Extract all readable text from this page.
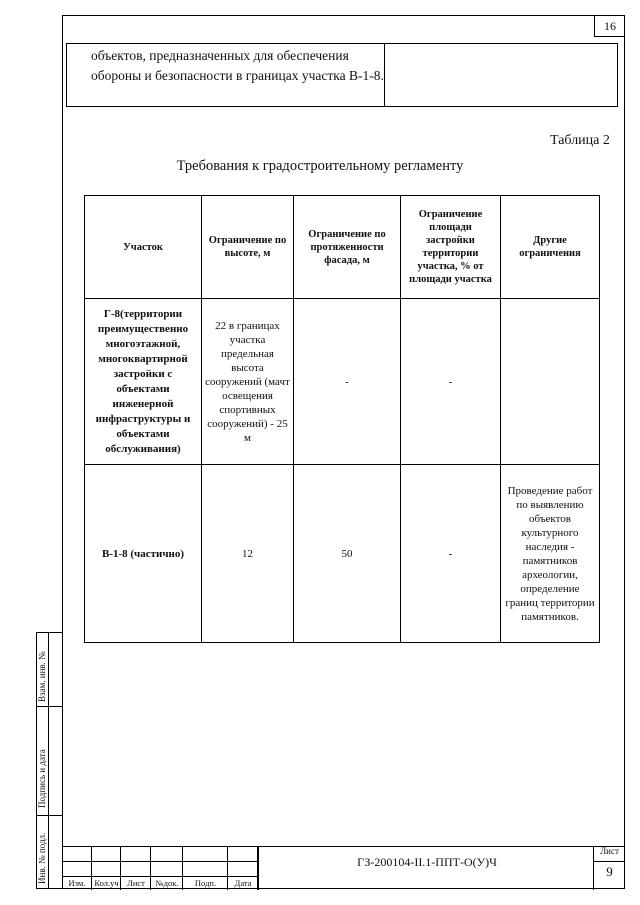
16
объектов, предназначенных для обеспечения обороны и безопасности в границах участка В-1-8.
Таблица 2
Требования к градостроительному регламенту
Участок	Ограничение по высоте, м	Ограничение по протяженности фасада, м	Ограничение площади застройки территории участка, % от площади участка	Другие ограничения
Г-8(территории преимущественно многоэтажной, многоквартирной застройки с объектами инженерной инфраструктуры и объектами обслуживания)	22 в границах участка предельная высота сооружений (мачт освещения спортивных сооружений) - 25 м	-	-	
В-1-8 (частично)	12	50	-	Проведение работ по выявлению объектов культурного наследия - памятников археологии, определение границ территории памятников.
Взам. инв. №
Подпись и дата
Инв. № подл.	Изм.	Кол.уч Лист	№док.	Подп.	Дата
ГЗ-200104-II.1-ППТ-О(У)Ч
Лист
9
